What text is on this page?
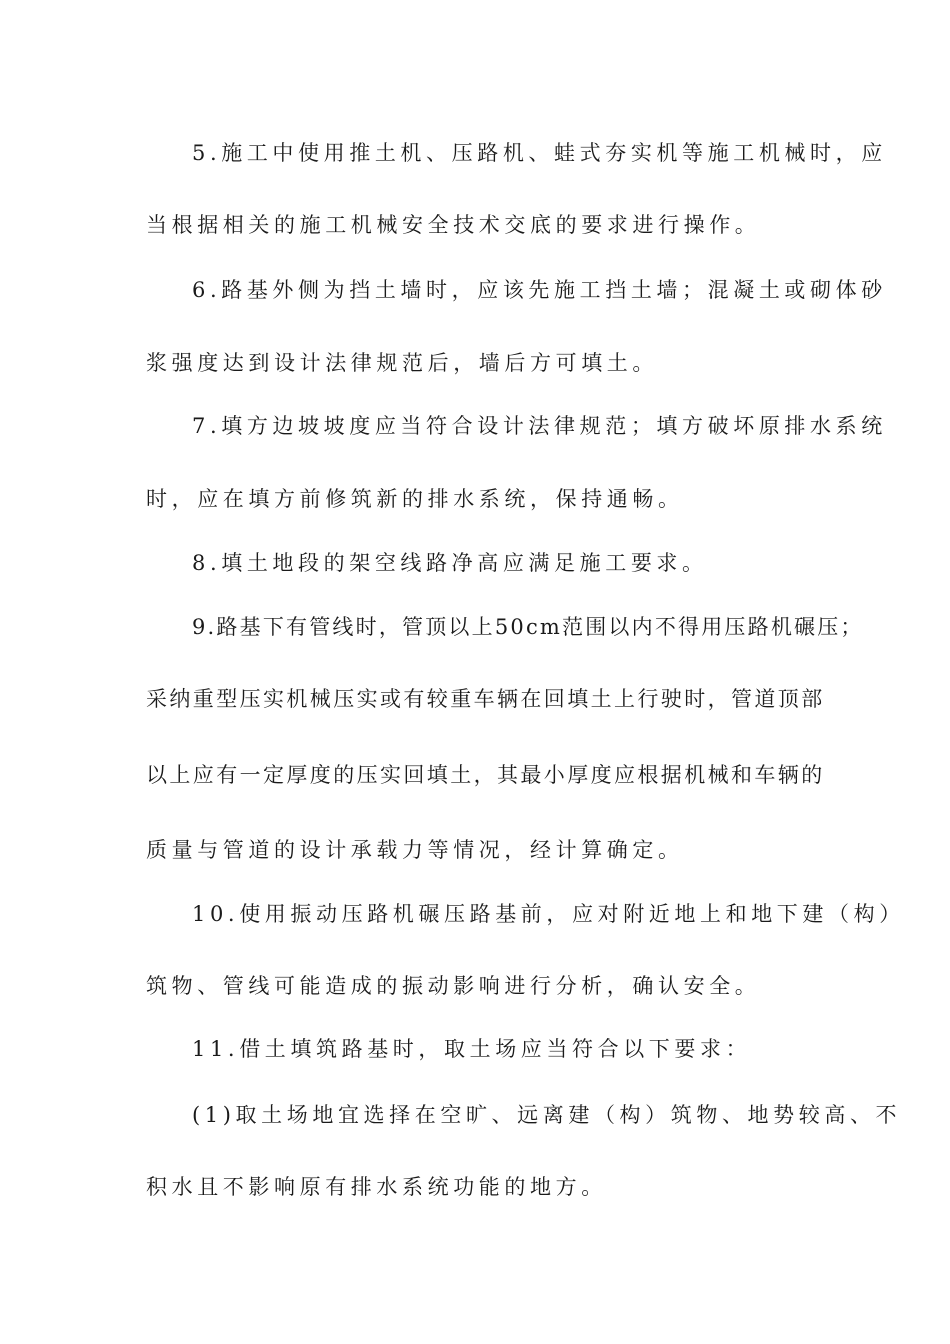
5.施工中使用推土机、压路机、蛙式夯实机等施工机械时，应
当根据相关的施工机械安全技术交底的要求进行操作。
6.路基外侧为挡土墙时，应该先施工挡土墙；混凝土或砌体砂
浆强度达到设计法律规范后，墙后方可填土。
7.填方边坡坡度应当符合设计法律规范；填方破坏原排水系统
时，应在填方前修筑新的排水系统，保持通畅。
8.填土地段的架空线路净高应满足施工要求。
9.路基下有管线时，管顶以上50cm范围以内不得用压路机碾压；
采纳重型压实机械压实或有较重车辆在回填土上行驶时，管道顶部
以上应有一定厚度的压实回填土，其最小厚度应根据机械和车辆的
质量与管道的设计承载力等情况，经计算确定。
10.使用振动压路机碾压路基前，应对附近地上和地下建（构）
筑物、管线可能造成的振动影响进行分析，确认安全。
11.借土填筑路基时，取土场应当符合以下要求：
(1)取土场地宜选择在空旷、远离建（构）筑物、地势较高、不
积水且不影响原有排水系统功能的地方。
